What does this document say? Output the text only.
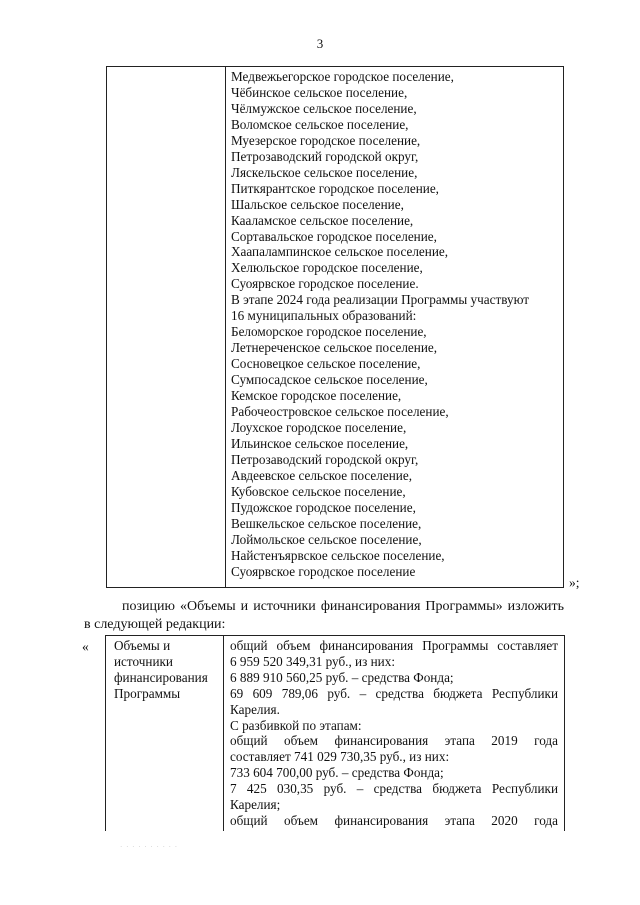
3
Медвежьегорское городское поселение,
Чёбинское сельское поселение,
Чёлмужское сельское поселение,
Воломское сельское поселение,
Муезерское городское поселение,
Петрозаводский городской округ,
Ляскельское сельское поселение,
Питкярантское городское поселение,
Шальское сельское поселение,
Кааламское сельское поселение,
Сортавальское городское поселение,
Хаапалампинское сельское поселение,
Хелюльское городское поселение,
Суоярвское городское поселение.
В этапе 2024 года реализации Программы участвуют
16 муниципальных образований:
Беломорское городское поселение,
Летнереченское сельское поселение,
Сосновецкое сельское поселение,
Сумпосадское сельское поселение,
Кемское городское поселение,
Рабочеостровское сельское поселение,
Лоухское городское поселение,
Ильинское сельское поселение,
Петрозаводский городской округ,
Авдеевское сельское поселение,
Кубовское сельское поселение,
Пудожское городское поселение,
Вешкельское сельское поселение,
Лоймольское сельское поселение,
Найстенъярвское сельское поселение,
Суоярвское городское поселение
»;
позицию «Объемы и источники финансирования Программы» изложить
в следующей редакции:
« Объемы и
источники
финансирования
Программы
общий объем финансирования Программы составляет
6 959 520 349,31 руб., из них:
6 889 910 560,25 руб. – средства Фонда;
69 609 789,06 руб. – средства бюджета Республики
Карелия.
С разбивкой по этапам:
общий объем финансирования этапа 2019 года
составляет 741 029 730,35 руб., из них:
733 604 700,00 руб. – средства Фонда;
7 425 030,35 руб. – средства бюджета Республики
Карелия;
общий объем финансирования этапа 2020 года
· · · · · · · · · ·
